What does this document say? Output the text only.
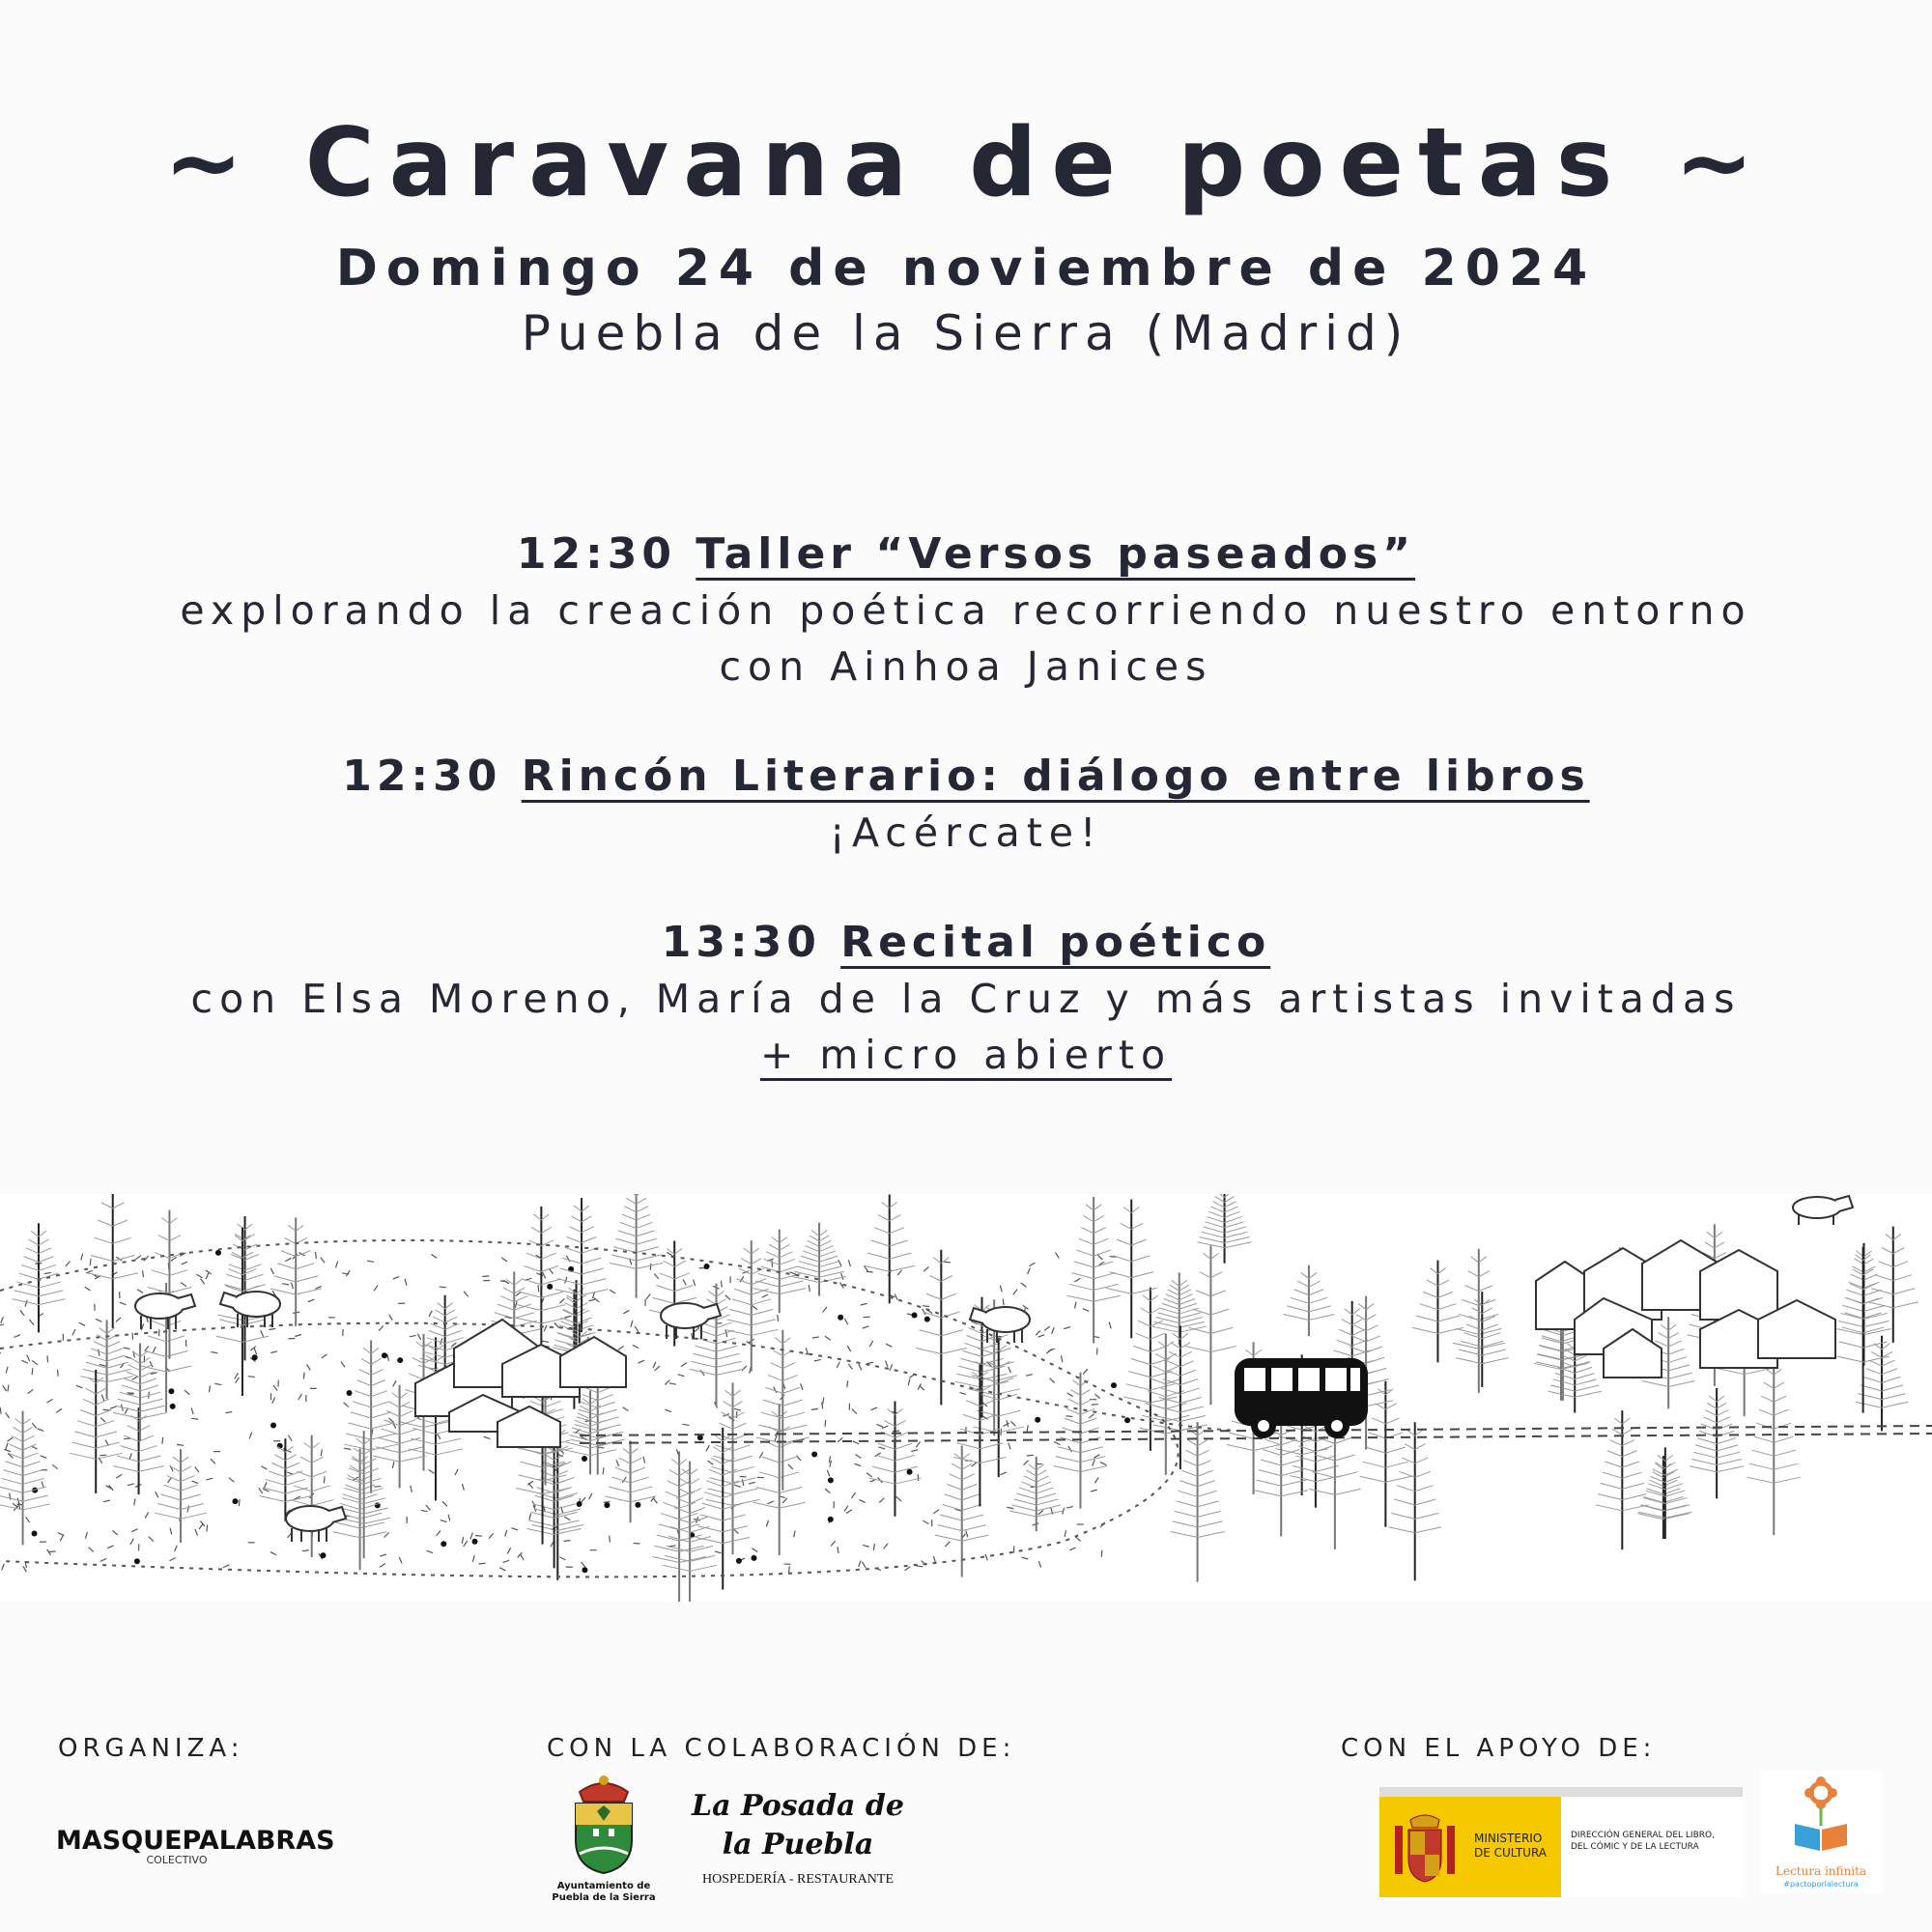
~ Caravana de poetas ~
Domingo 24 de noviembre de 2024
Puebla de la Sierra (Madrid)
12:30 Taller “Versos paseados”
explorando la creación poética recorriendo nuestro entorno
con Ainhoa Janices
12:30 Rincón Literario: diálogo entre libros
¡Acércate!
13:30 Recital poético
con Elsa Moreno, María de la Cruz y más artistas invitadas
+ micro abierto
ORGANIZA:
MASQUEPALABRAS
COLECTIVO
CON LA COLABORACIÓN DE:
Ayuntamiento de
Puebla de la Sierra
La Posada de la Puebla
HOSPEDERÍA - RESTAURANTE
CON EL APOYO DE:
MINISTERIO
DE CULTURA
DIRECCIÓN GENERAL DEL LIBRO,
DEL CÓMIC Y DE LA LECTURA
Lectura infinita
#pactoporlalectura
